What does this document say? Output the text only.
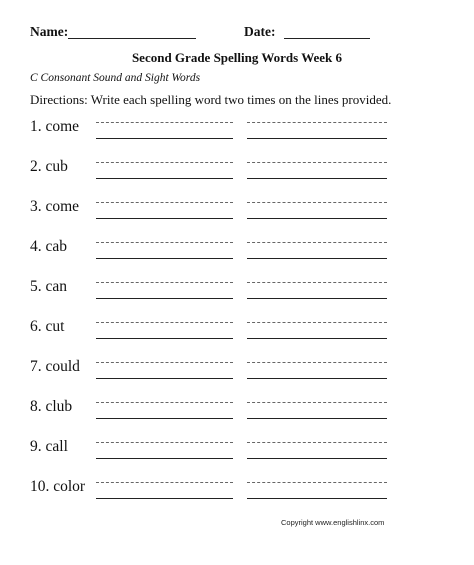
Name:	Date:
Second Grade Spelling Words Week 6
C Consonant Sound and Sight Words
Directions: Write each spelling word two times on the lines provided.
1. come
2. cub
3. come
4. cab
5. can
6. cut
7. could
8. club
9. call
10. color
Copyright www.englishlinx.com
